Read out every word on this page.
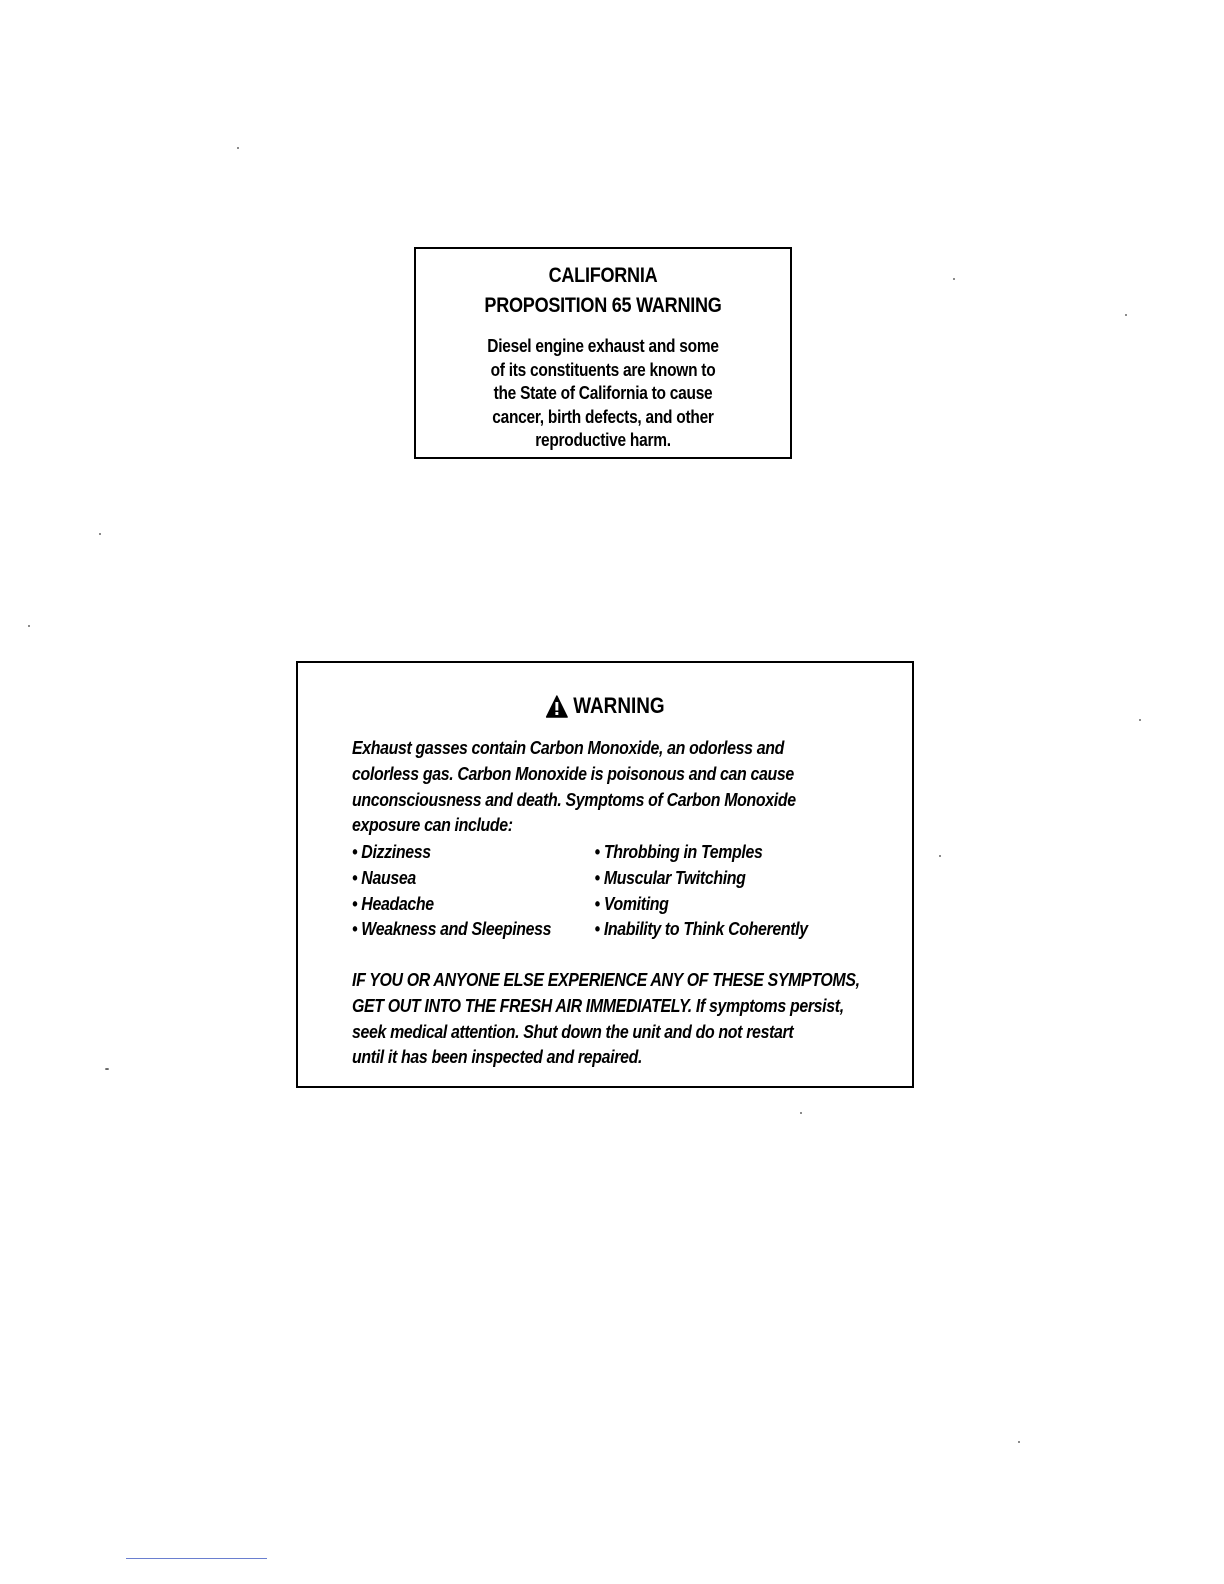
CALIFORNIA
PROPOSITION 65 WARNING
Diesel engine exhaust and some
of its constituents are known to
the State of California to cause
cancer, birth defects, and other
reproductive harm.
WARNING
Exhaust gasses contain Carbon Monoxide, an odorless and
colorless gas. Carbon Monoxide is poisonous and can cause
unconsciousness and death. Symptoms of Carbon Monoxide
exposure can include:
• Dizziness	• Throbbing in Temples
• Nausea	• Muscular Twitching
• Headache	• Vomiting
• Weakness and Sleepiness	• Inability to Think Coherently
IF YOU OR ANYONE ELSE EXPERIENCE ANY OF THESE SYMPTOMS,
GET OUT INTO THE FRESH AIR IMMEDIATELY. If symptoms persist,
seek medical attention. Shut down the unit and do not restart
until it has been inspected and repaired.
